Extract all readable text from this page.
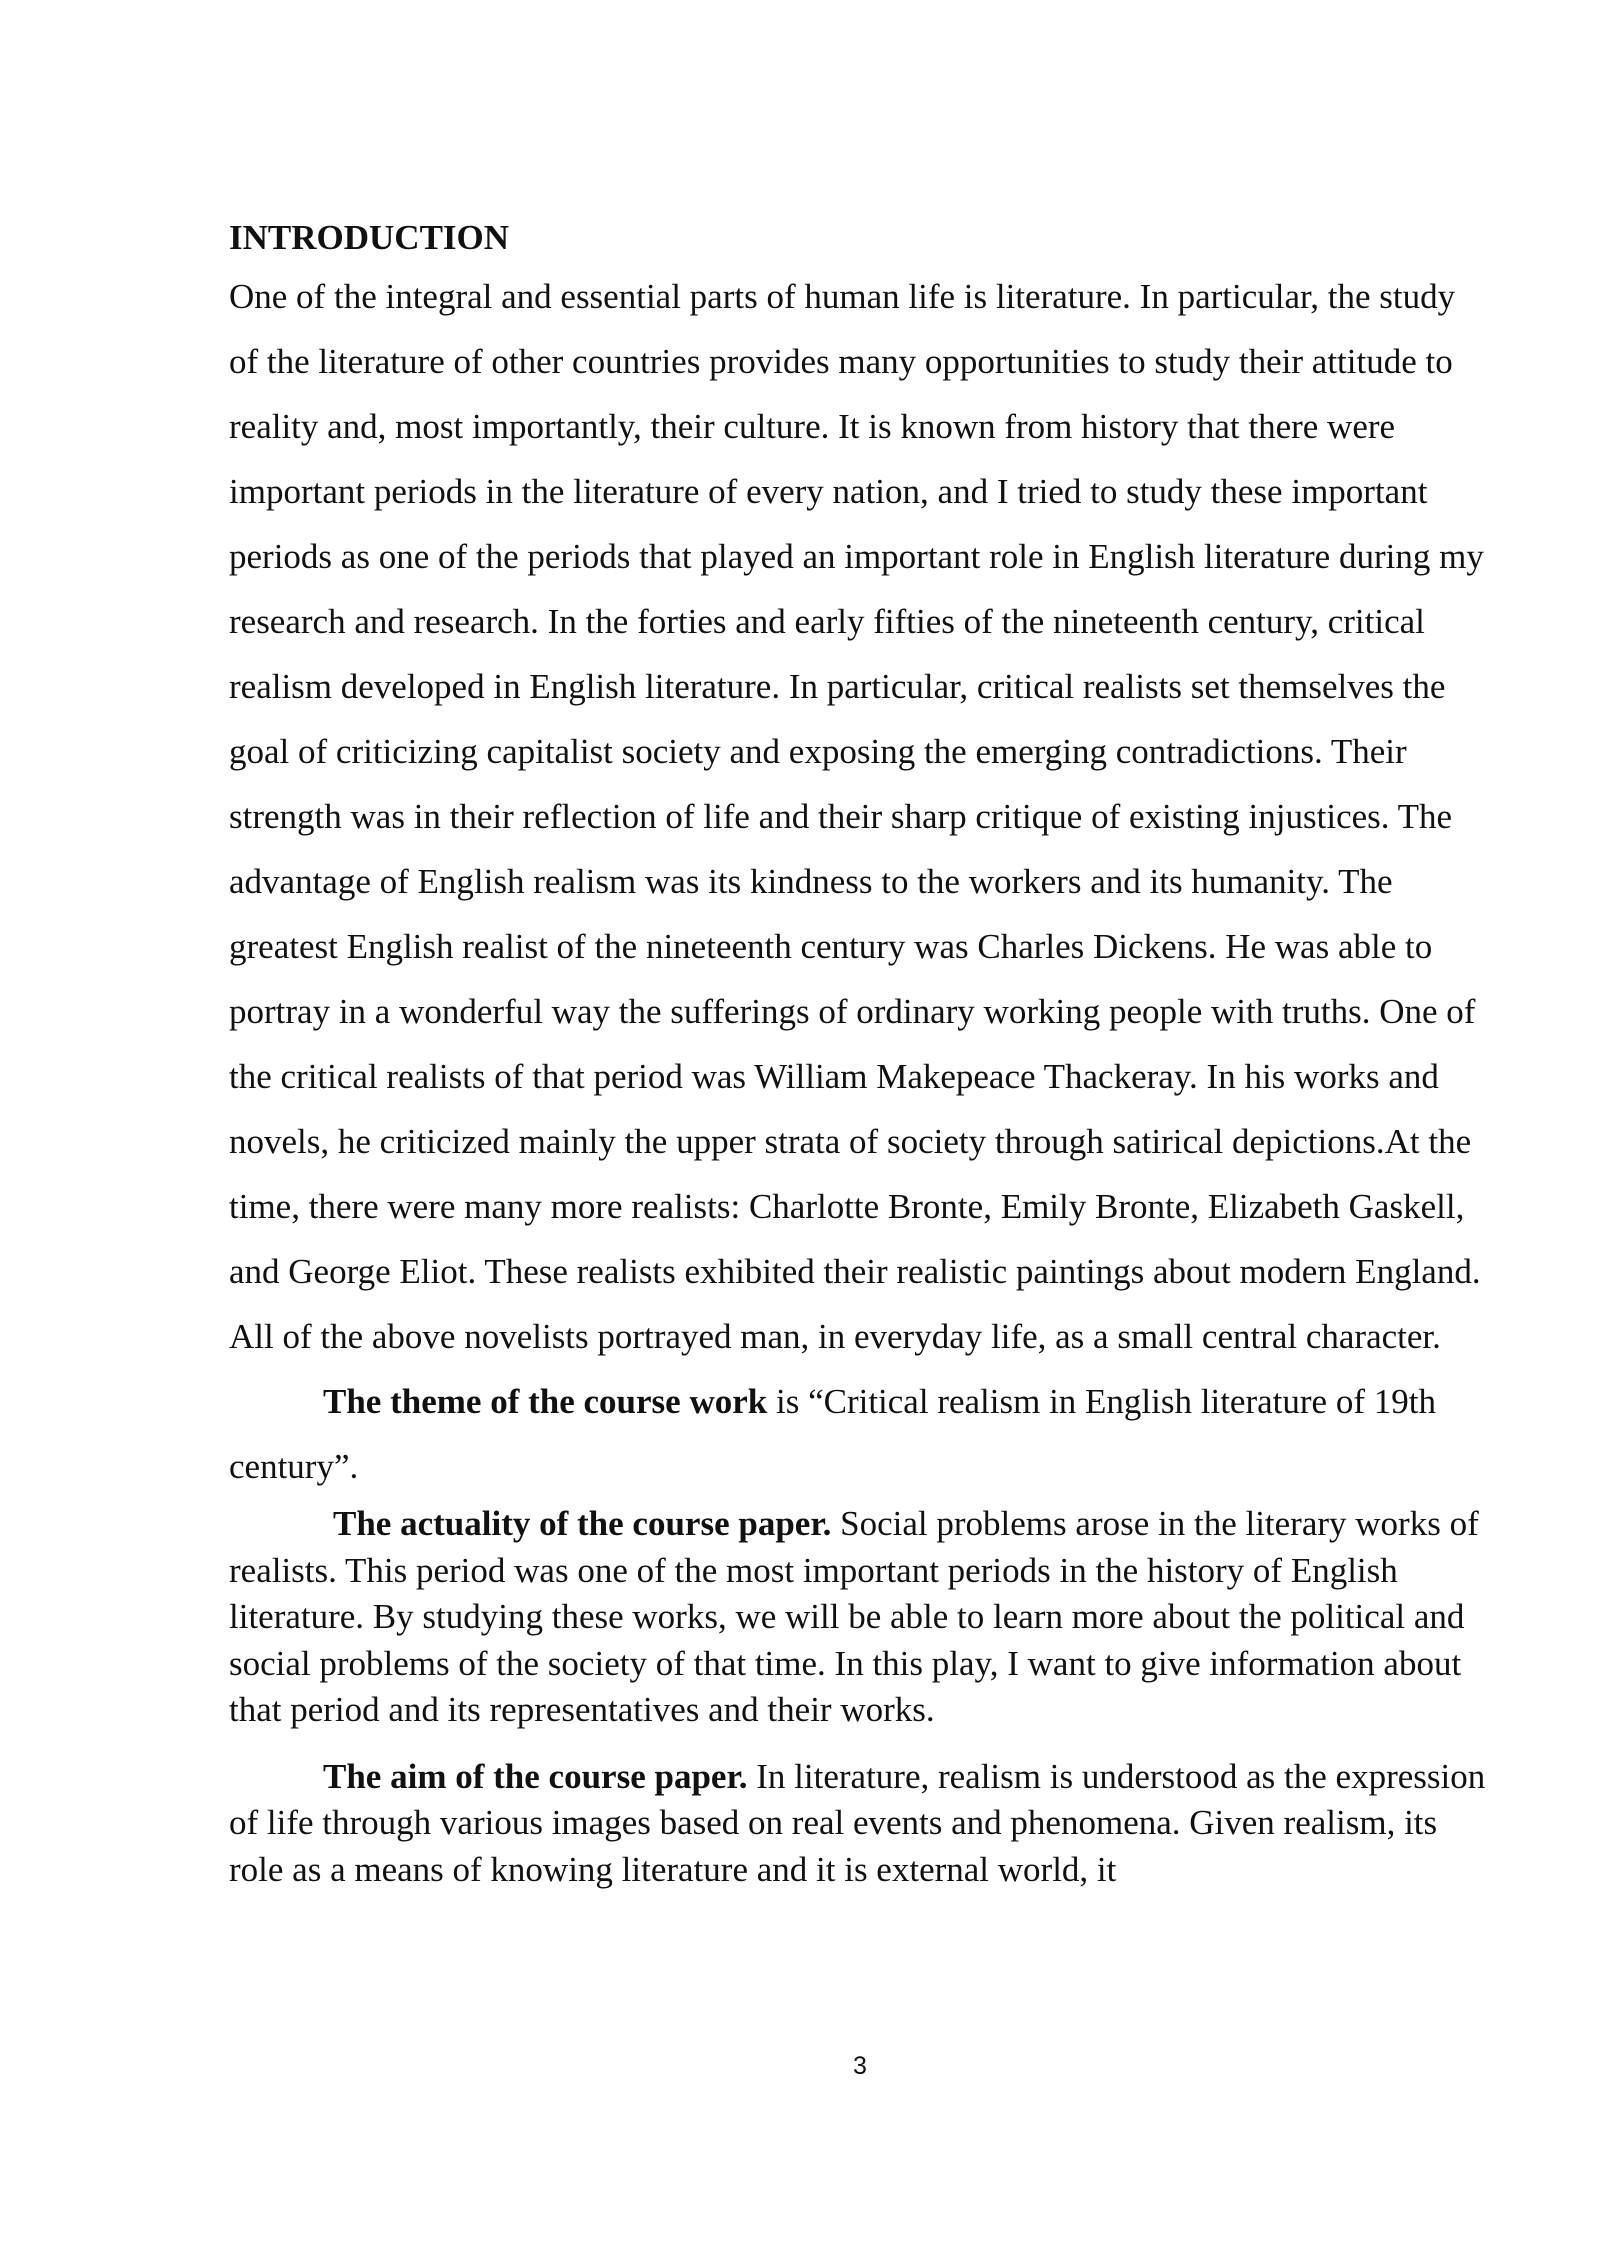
INTRODUCTION

One of the integral and essential parts of human life is literature. In particular, the study of the literature of other countries provides many opportunities to study their attitude to reality and, most importantly, their culture. It is known from history that there were important periods in the literature of every nation, and I tried to study these important periods as one of the periods that played an important role in English literature during my research and research. In the forties and early fifties of the nineteenth century, critical realism developed in English literature. In particular, critical realists set themselves the goal of criticizing capitalist society and exposing the emerging contradictions. Their strength was in their reflection of life and their sharp critique of existing injustices. The advantage of English realism was its kindness to the workers and its humanity. The greatest English realist of the nineteenth century was Charles Dickens. He was able to portray in a wonderful way the sufferings of ordinary working people with truths. One of the critical realists of that period was William Makepeace Thackeray. In his works and novels, he criticized mainly the upper strata of society through satirical depictions.At the time, there were many more realists: Charlotte Bronte, Emily Bronte, Elizabeth Gaskell, and George Eliot. These realists exhibited their realistic paintings about modern England. All of the above novelists portrayed man, in everyday life, as a small central character.

The theme of the course work is “Critical realism in English literature of 19th century”.

The actuality of the course paper. Social problems arose in the literary works of realists. This period was one of the most important periods in the history of English literature. By studying these works, we will be able to learn more about the political and social problems of the society of that time. In this play, I want to give information about that period and its representatives and their works.

The aim of the course paper. In literature, realism is understood as the expression of life through various images based on real events and phenomena. Given realism, its role as a means of knowing literature and it is external world, it

3
